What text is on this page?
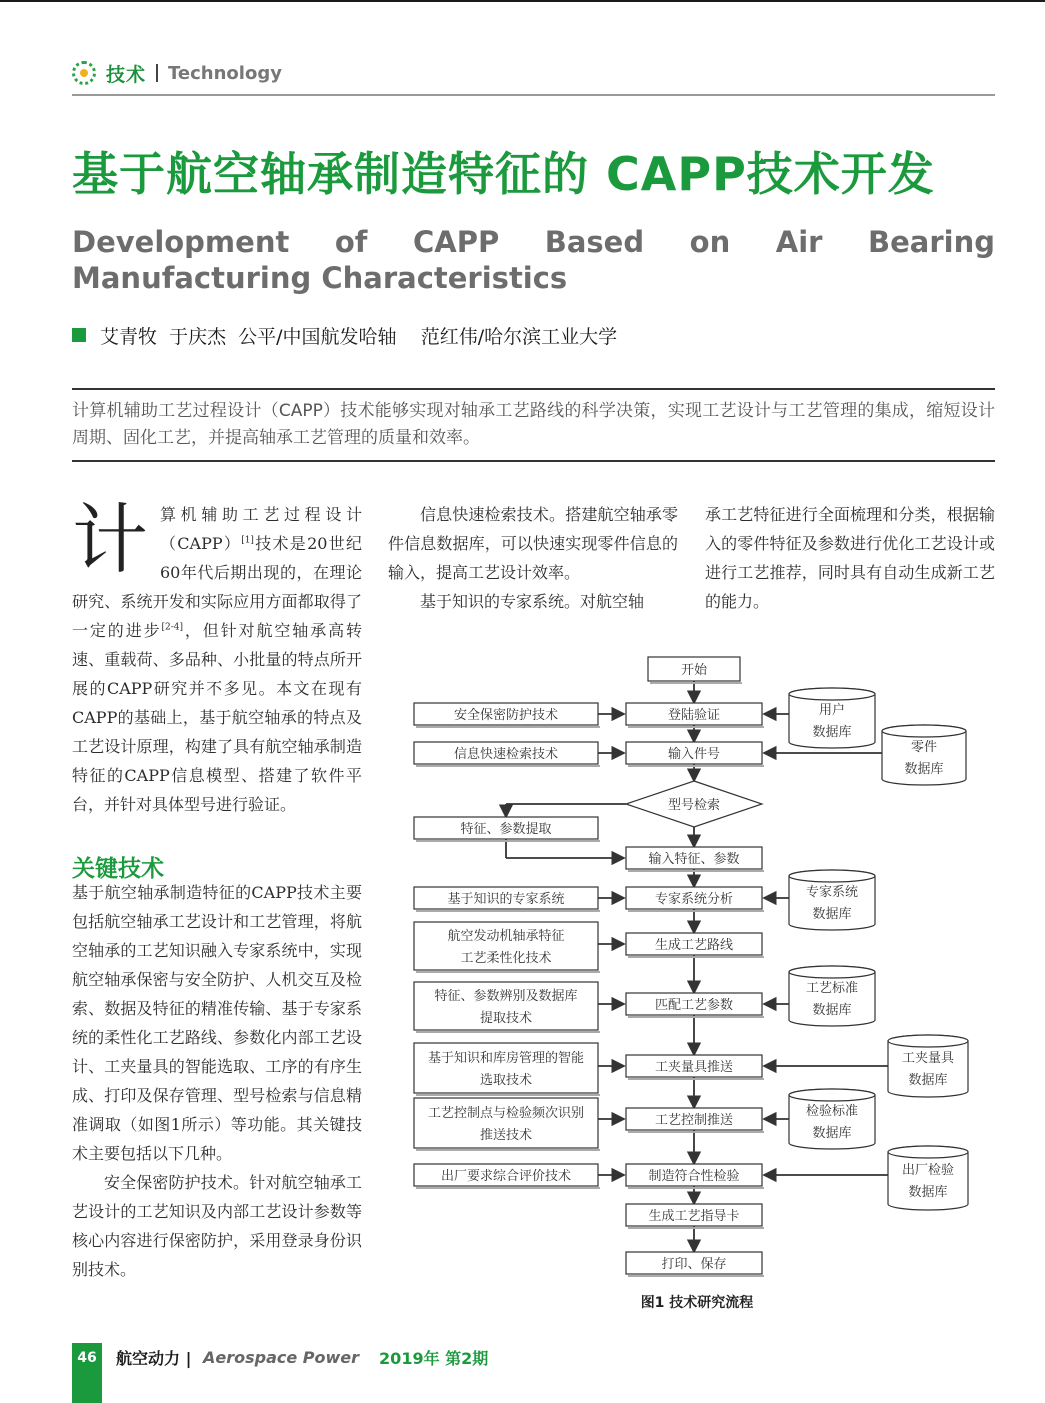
技术 Technology
基于航空轴承制造特征的 CAPP技术开发
Development of CAPP Based on Air Bearing Manufacturing Characteristics
艾青牧  于庆杰  公平/中国航发哈轴    范红伟/哈尔滨工业大学

计算机辅助工艺过程设计（CAPP）技术能够实现对轴承工艺路线的科学决策，实现工艺设计与工艺管理的集成，缩短设计周期、固化工艺，并提高轴承工艺管理的质量和效率。

计算机辅助工艺过程设计（CAPP）[1]技术是20世纪60年代后期出现的，在理论研究、系统开发和实际应用方面都取得了一定的进步[2-4]，但针对航空轴承高转速、重载荷、多品种、小批量的特点所开展的CAPP研究并不多见。本文在现有CAPP的基础上，基于航空轴承的特点及工艺设计原理，构建了具有航空轴承制造特征的CAPP信息模型、搭建了软件平台，并针对具体型号进行验证。

关键技术

基于航空轴承制造特征的CAPP技术主要包括航空轴承工艺设计和工艺管理，将航空轴承的工艺知识融入专家系统中，实现航空轴承保密与安全防护、人机交互及检索、数据及特征的精准传输、基于专家系统的柔性化工艺路线、参数化内部工艺设计、工夹量具的智能选取、工序的有序生成、打印及保存管理、型号检索与信息精准调取（如图1所示）等功能。其关键技术主要包括以下几种。

安全保密防护技术。针对航空轴承工艺设计的工艺知识及内部工艺设计参数等核心内容进行保密防护，采用登录身份识别技术。

信息快速检索技术。搭建航空轴承零件信息数据库，可以快速实现零件信息的输入，提高工艺设计效率。

基于知识的专家系统。对航空轴

承工艺特征进行全面梳理和分类，根据输入的零件特征及参数进行优化工艺设计或进行工艺推荐，同时具有自动生成新工艺的能力。

开始
型号检索
登陆验证
输入件号
输入特征、参数
专家系统分析
生成工艺路线
匹配工艺参数
工夹量具推送
工艺控制推送
制造符合性检验
生成工艺指导卡
打印、保存
安全保密防护技术
信息快速检索技术
特征、参数提取
基于知识的专家系统
航空发动机轴承特征
工艺柔性化技术
特征、参数辨别及数据库
提取技术
基于知识和库房管理的智能
选取技术
工艺控制点与检验频次识别
推送技术
出厂要求综合评价技术
用户
数据库
零件
数据库
专家系统
数据库
工艺标准
数据库
工夹量具
数据库
检验标准
数据库
出厂检验
数据库
图1 技术研究流程
46	航空动力 | Aerospace Power 2019年 第2期
